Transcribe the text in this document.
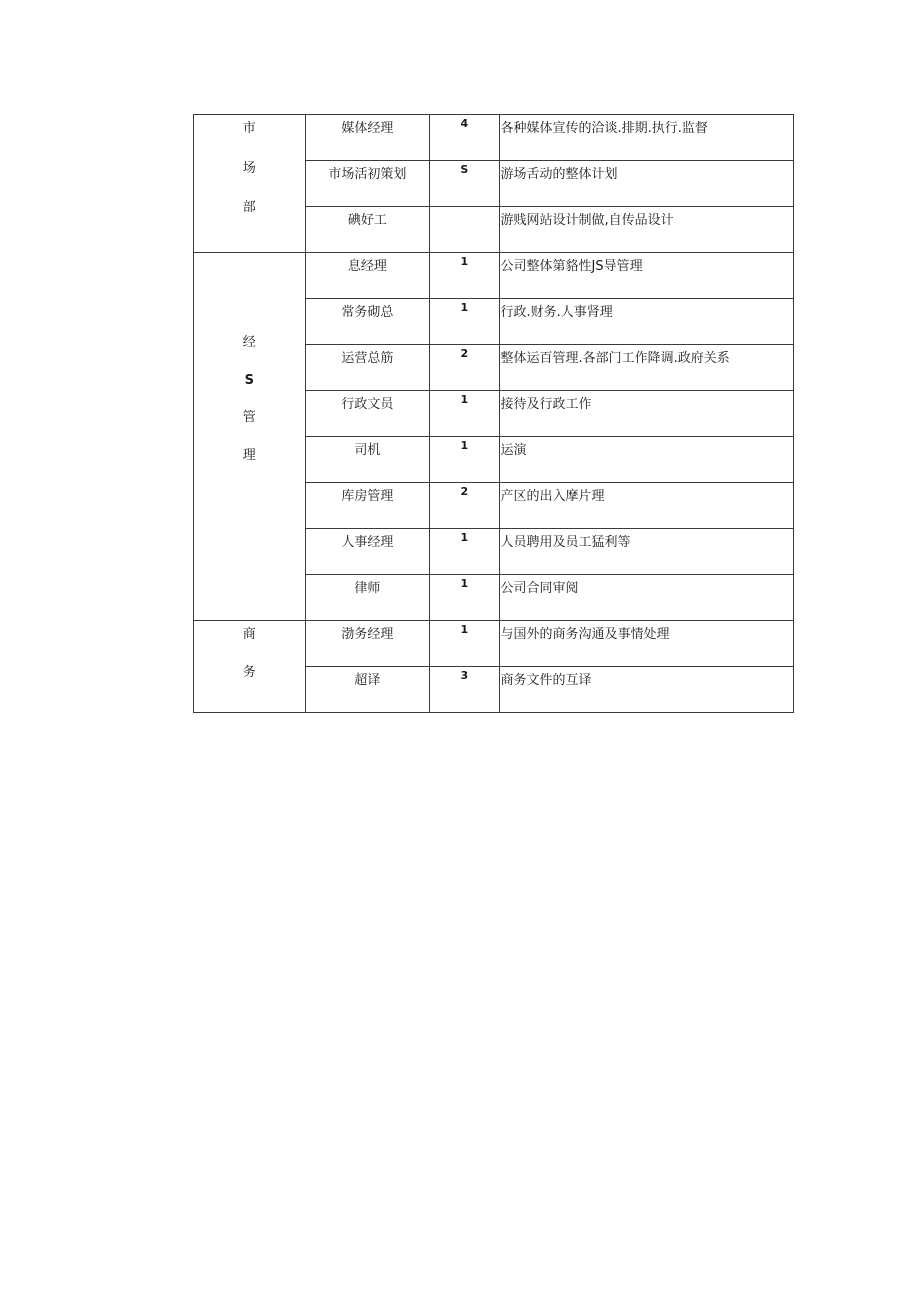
市
场
部	媒体经理	4	各种媒体宣传的洽谈.排期.执行.监督
	市场活初策划	S	游场舌动的整体计划
	碘好工		游贱网站设计制做,自传品设计

经
S
管
理	息经理	1	公司整体第貉性JS导管理
	常务砌总	1	行政.财务.人事肾理
	运营总筋	2	整体运百管理.各部门工作降调.政府关系
	行政文员	1	接待及行政工作
	司机	1	运演
	库房管理	2	产区的出入摩片理
	人事经理	1	人员聘用及员工猛利等
	律师	1	公司合同审阅

商
务	渤务经理	1	与国外的商务沟通及事情处理
	超译	3	商务文件的互译
